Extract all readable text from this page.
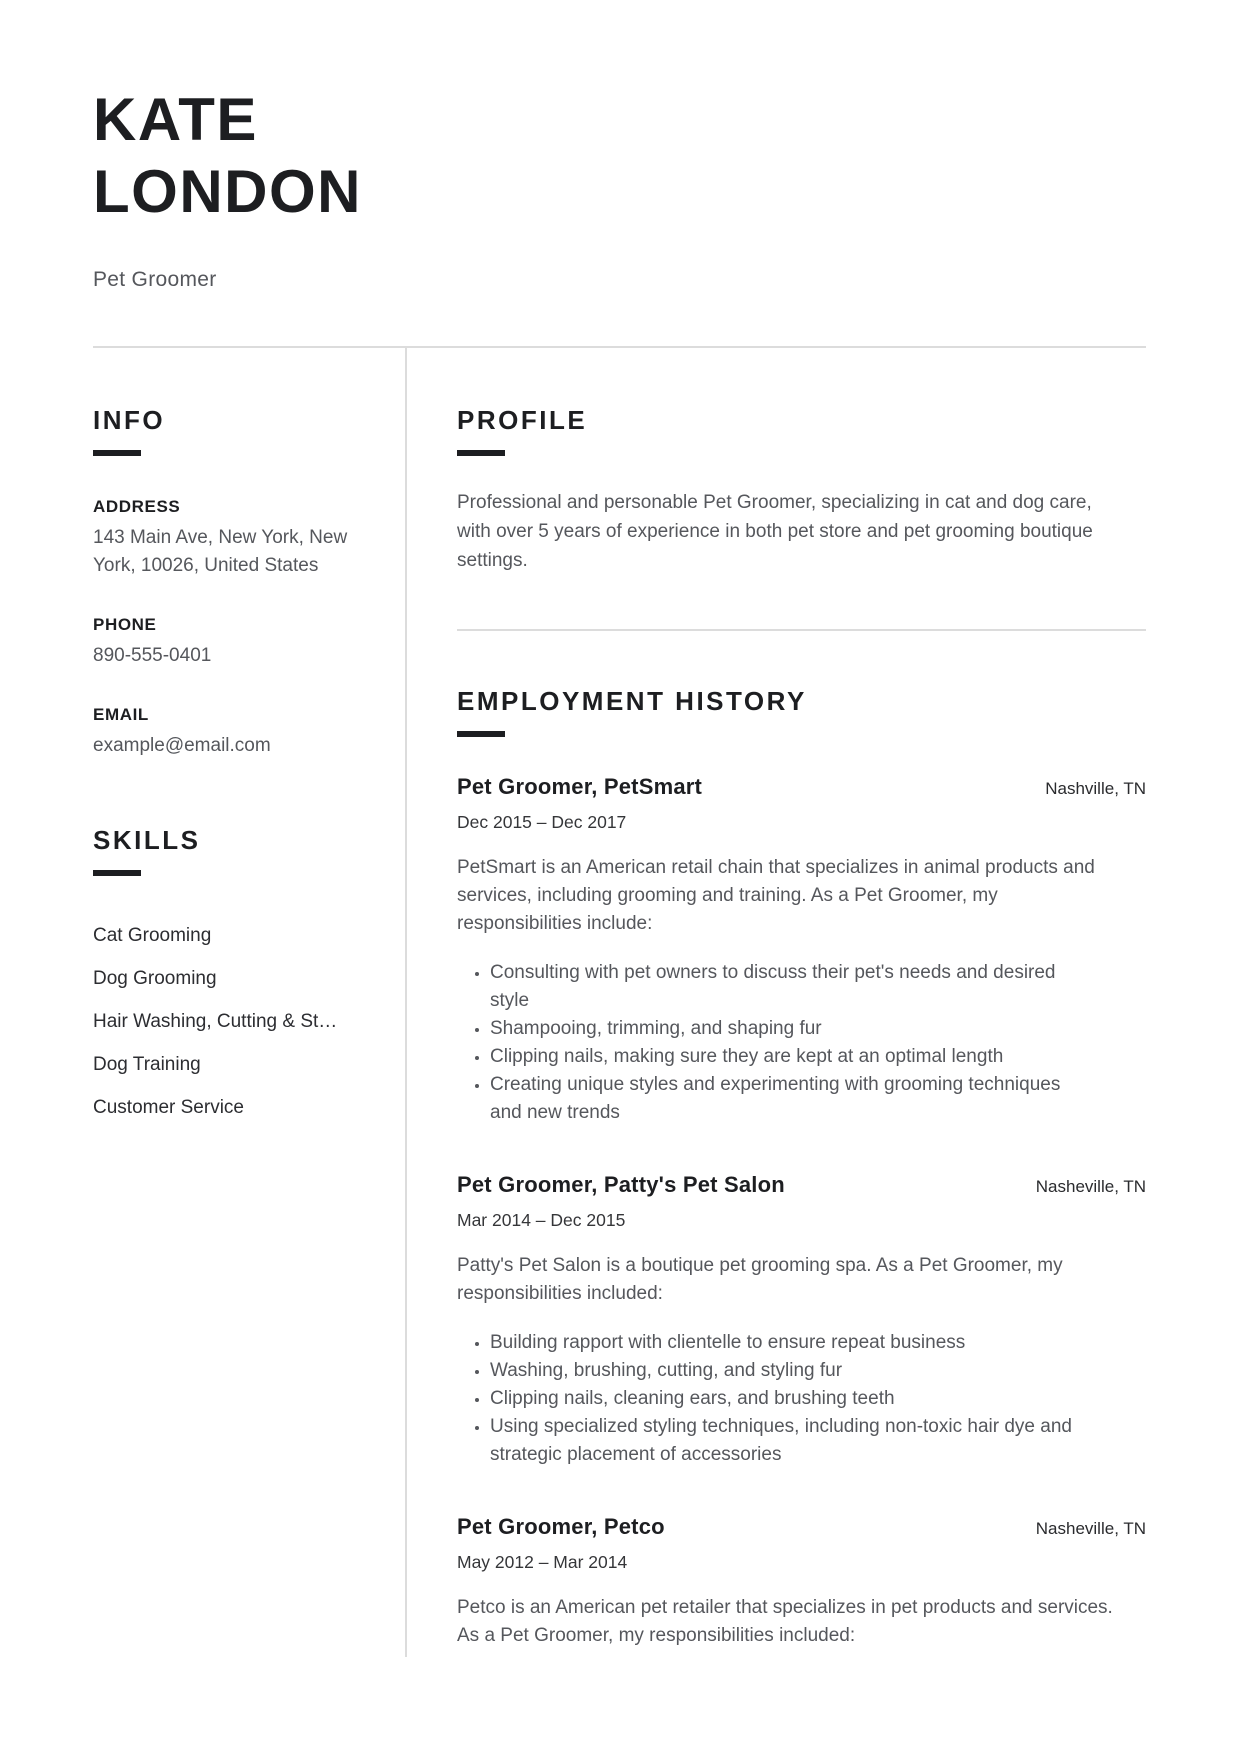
KATE
LONDON
Pet Groomer
INFO
ADDRESS
143 Main Ave, New York, New York, 10026, United States
PHONE
890-555-0401
EMAIL
example@email.com
SKILLS
Cat Grooming
Dog Grooming
Hair Washing, Cutting & St…
Dog Training
Customer Service
PROFILE

Professional and personable Pet Groomer, specializing in cat and dog care, with over 5 years of experience in both pet store and pet grooming boutique settings.

EMPLOYMENT HISTORY
Pet Groomer, PetSmart	Nashville, TN
Dec 2015 – Dec 2017

PetSmart is an American retail chain that specializes in animal products and services, including grooming and training. As a Pet Groomer, my responsibilities include:

• Consulting with pet owners to discuss their pet's needs and desired style
• Shampooing, trimming, and shaping fur
• Clipping nails, making sure they are kept at an optimal length
• Creating unique styles and experimenting with grooming techniques and new trends
Pet Groomer, Patty's Pet Salon	Nasheville, TN
Mar 2014 – Dec 2015

Patty's Pet Salon is a boutique pet grooming spa. As a Pet Groomer, my responsibilities included:

• Building rapport with clientelle to ensure repeat business
• Washing, brushing, cutting, and styling fur
• Clipping nails, cleaning ears, and brushing teeth
• Using specialized styling techniques, including non-toxic hair dye and strategic placement of accessories
Pet Groomer, Petco	Nasheville, TN
May 2012 – Mar 2014

Petco is an American pet retailer that specializes in pet products and services. As a Pet Groomer, my responsibilities included:
